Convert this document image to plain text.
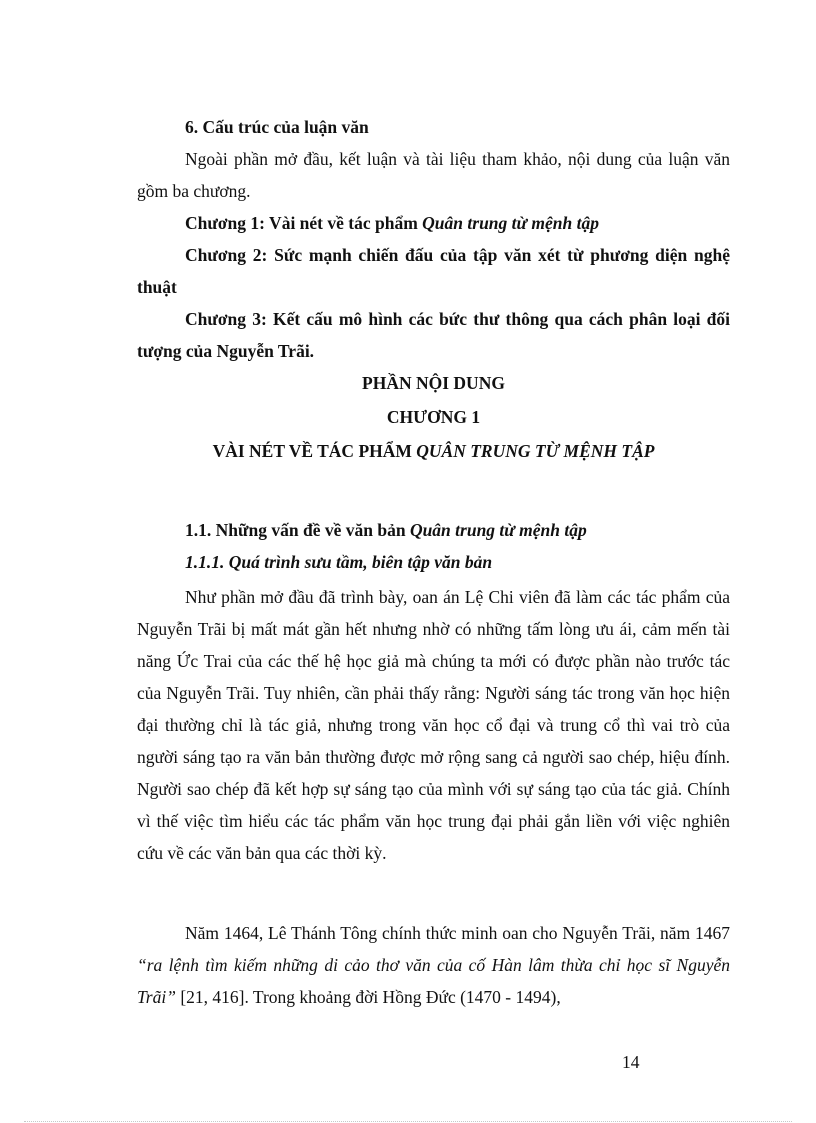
6. Cấu trúc của luận văn
Ngoài phần mở đầu, kết luận và tài liệu tham khảo, nội dung của luận văn gồm ba chương.
Chương 1: Vài nét về tác phẩm Quân trung từ mệnh tập
Chương 2: Sức mạnh chiến đấu của tập văn xét từ phương diện nghệ thuật
Chương 3: Kết cấu mô hình các bức thư thông qua cách phân loại đối tượng của Nguyễn Trãi.
PHẦN NỘI DUNG
CHƯƠNG 1
VÀI NÉT VỀ TÁC PHẨM QUÂN TRUNG TỪ MỆNH TẬP
1.1. Những vấn đề về văn bản Quân trung từ mệnh tập
1.1.1. Quá trình sưu tầm, biên tập văn bản
Như phần mở đầu đã trình bày, oan án Lệ Chi viên đã làm các tác phẩm của Nguyễn Trãi bị mất mát gần hết nhưng nhờ có những tấm lòng ưu ái, cảm mến tài năng Ức Trai của các thế hệ học giả mà chúng ta mới có được phần nào trước tác của Nguyễn Trãi. Tuy nhiên, cần phải thấy rằng: Người sáng tác trong văn học hiện đại thường chỉ là tác giả, nhưng trong văn học cổ đại và trung cổ thì vai trò của người sáng tạo ra văn bản thường được mở rộng sang cả người sao chép, hiệu đính. Người sao chép đã kết hợp sự sáng tạo của mình với sự sáng tạo của tác giả. Chính vì thế việc tìm hiểu các tác phẩm văn học trung đại phải gắn liền với việc nghiên cứu về các văn bản qua các thời kỳ.
Năm 1464, Lê Thánh Tông chính thức minh oan cho Nguyễn Trãi, năm 1467 “ra lệnh tìm kiếm những di cảo thơ văn của cố Hàn lâm thừa chỉ học sĩ Nguyễn Trãi” [21, 416]. Trong khoảng đời Hồng Đức (1470 - 1494),
14
